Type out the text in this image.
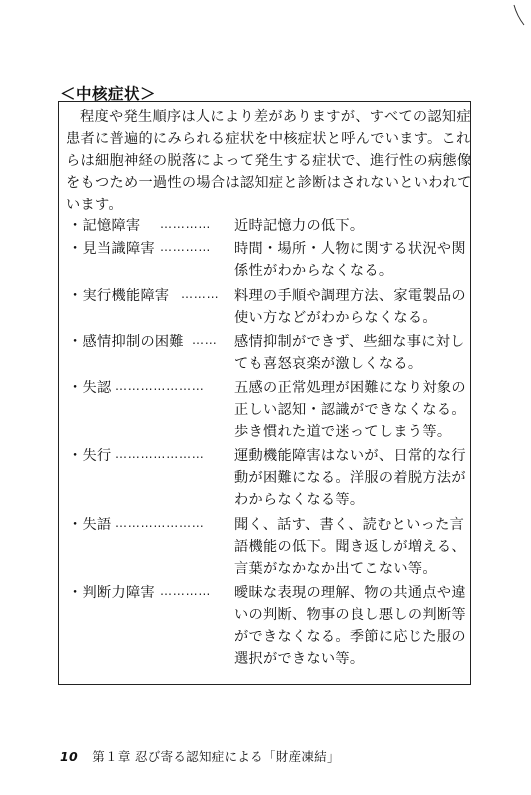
＜中核症状＞
程度や発生順序は人により差がありますが、すべての認知症
患者に普遍的にみられる症状を中核症状と呼んでいます。これ
らは細胞神経の脱落によって発生する症状で、進行性の病態像
をもつため一過性の場合は認知症と診断はされないといわれて
います。
・記憶障害 ………… 近時記憶力の低下。
・見当識障害 ………… 時間・場所・人物に関する状況や関
係性がわからなくなる。
・実行機能障害 ……… 料理の手順や調理方法、家電製品の
使い方などがわからなくなる。
・感情抑制の困難 …… 感情抑制ができず、些細な事に対し
ても喜怒哀楽が激しくなる。
・失認 ………………… 五感の正常処理が困難になり対象の
正しい認知・認識ができなくなる。
歩き慣れた道で迷ってしまう等。
・失行 ………………… 運動機能障害はないが、日常的な行
動が困難になる。洋服の着脱方法が
わからなくなる等。
・失語 ………………… 聞く、話す、書く、読むといった言
語機能の低下。聞き返しが増える、
言葉がなかなか出てこない等。
・判断力障害 ………… 曖昧な表現の理解、物の共通点や違
いの判断、物事の良し悪しの判断等
ができなくなる。季節に応じた服の
選択ができない等。
10 第１章 忍び寄る認知症による「財産凍結」
